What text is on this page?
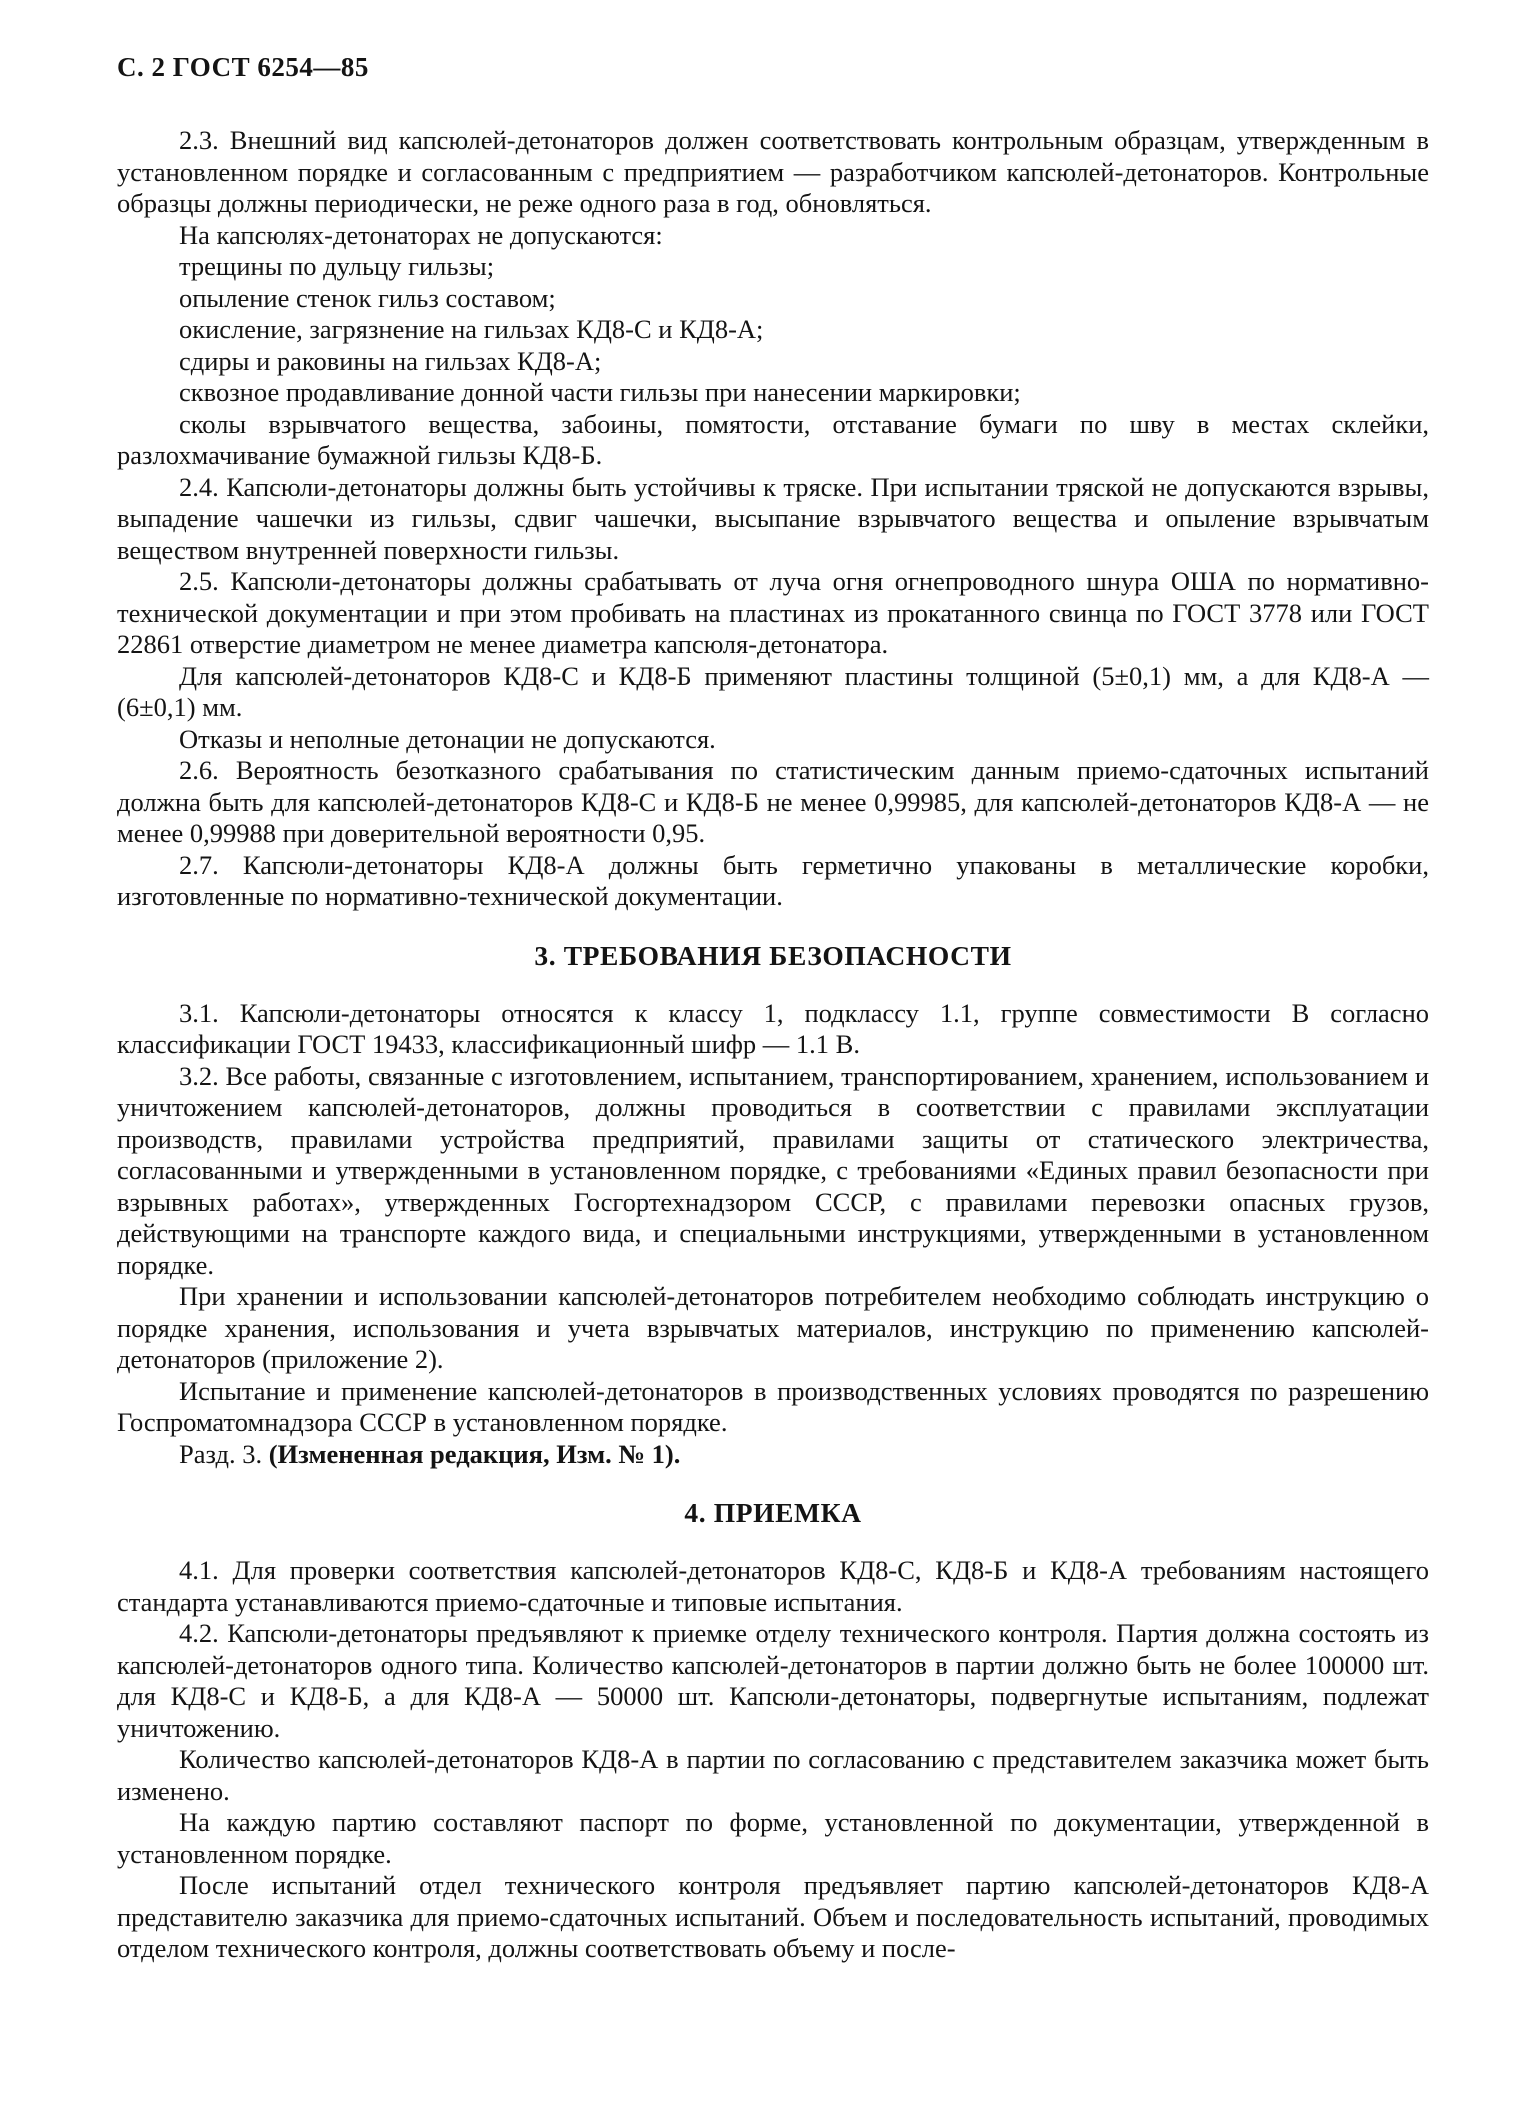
С. 2 ГОСТ 6254—85

2.3. Внешний вид капсюлей-детонаторов должен соответствовать контрольным образцам, утвержденным в установленном порядке и согласованным с предприятием — разработчиком капсюлей-детонаторов. Контрольные образцы должны периодически, не реже одного раза в год, обновляться.

На капсюлях-детонаторах не допускаются:

трещины по дульцу гильзы;

опыление стенок гильз составом;

окисление, загрязнение на гильзах КД8-С и КД8-А;

сдиры и раковины на гильзах КД8-А;

сквозное продавливание донной части гильзы при нанесении маркировки;

сколы взрывчатого вещества, забоины, помятости, отставание бумаги по шву в местах склейки, разлохмачивание бумажной гильзы КД8-Б.

2.4. Капсюли-детонаторы должны быть устойчивы к тряске. При испытании тряской не допускаются взрывы, выпадение чашечки из гильзы, сдвиг чашечки, высыпание взрывчатого вещества и опыление взрывчатым веществом внутренней поверхности гильзы.

2.5. Капсюли-детонаторы должны срабатывать от луча огня огнепроводного шнура ОША по нормативно-технической документации и при этом пробивать на пластинах из прокатанного свинца по ГОСТ 3778 или ГОСТ 22861 отверстие диаметром не менее диаметра капсюля-детонатора.

Для капсюлей-детонаторов КД8-С и КД8-Б применяют пластины толщиной (5±0,1) мм, а для КД8-А — (6±0,1) мм.

Отказы и неполные детонации не допускаются.

2.6. Вероятность безотказного срабатывания по статистическим данным приемо-сдаточных испытаний должна быть для капсюлей-детонаторов КД8-С и КД8-Б не менее 0,99985, для капсюлей-детонаторов КД8-А — не менее 0,99988 при доверительной вероятности 0,95.

2.7. Капсюли-детонаторы КД8-А должны быть герметично упакованы в металлические коробки, изготовленные по нормативно-технической документации.

3. ТРЕБОВАНИЯ БЕЗОПАСНОСТИ

3.1. Капсюли-детонаторы относятся к классу 1, подклассу 1.1, группе совместимости B согласно классификации ГОСТ 19433, классификационный шифр — 1.1 B.

3.2. Все работы, связанные с изготовлением, испытанием, транспортированием, хранением, использованием и уничтожением капсюлей-детонаторов, должны проводиться в соответствии с правилами эксплуатации производств, правилами устройства предприятий, правилами защиты от статического электричества, согласованными и утвержденными в установленном порядке, с требованиями «Единых правил безопасности при взрывных работах», утвержденных Госгортехнадзором СССР, с правилами перевозки опасных грузов, действующими на транспорте каждого вида, и специальными инструкциями, утвержденными в установленном порядке.

При хранении и использовании капсюлей-детонаторов потребителем необходимо соблюдать инструкцию о порядке хранения, использования и учета взрывчатых материалов, инструкцию по применению капсюлей-детонаторов (приложение 2).

Испытание и применение капсюлей-детонаторов в производственных условиях проводятся по разрешению Госпроматомнадзора СССР в установленном порядке.

Разд. 3. (Измененная редакция, Изм. № 1).

4. ПРИЕМКА

4.1. Для проверки соответствия капсюлей-детонаторов КД8-С, КД8-Б и КД8-А требованиям настоящего стандарта устанавливаются приемо-сдаточные и типовые испытания.

4.2. Капсюли-детонаторы предъявляют к приемке отделу технического контроля. Партия должна состоять из капсюлей-детонаторов одного типа. Количество капсюлей-детонаторов в партии должно быть не более 100000 шт. для КД8-С и КД8-Б, а для КД8-А — 50000 шт. Капсюли-детонаторы, подвергнутые испытаниям, подлежат уничтожению.

Количество капсюлей-детонаторов КД8-А в партии по согласованию с представителем заказчика может быть изменено.

На каждую партию составляют паспорт по форме, установленной по документации, утвержденной в установленном порядке.

После испытаний отдел технического контроля предъявляет партию капсюлей-детонаторов КД8-А представителю заказчика для приемо-сдаточных испытаний. Объем и последовательность испытаний, проводимых отделом технического контроля, должны соответствовать объему и после-
